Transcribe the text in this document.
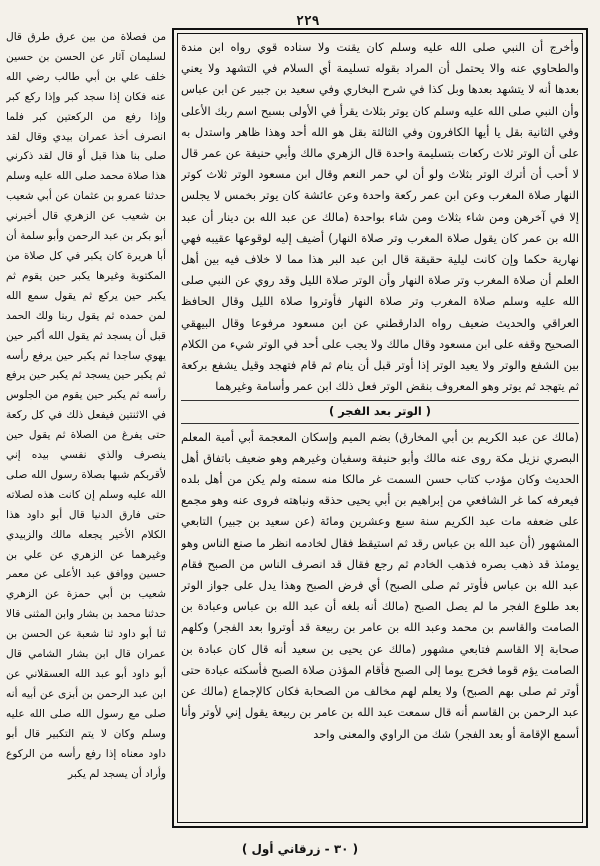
٢٢٩

وأخرج أن النبي صلى الله عليه وسلم كان يقنت ولا سناده قوي رواه ابن مندة والطحاوي عنه والا يحتمل أن المراد بقوله تسليمة أي السلام في التشهد ولا يعني بعدها أنه لا يتشهد بعدها وبل كذا في شرح البخاري وفي سعيد بن جبير عن ابن عباس وأن النبي صلى الله عليه وسلم كان يوتر بثلاث يقرأ في الأولى بسبح اسم ربك الأعلى وفي الثانية بقل يا أيها الكافرون وفي الثالثة بقل هو الله أحد وهذا ظاهر واستدل به على أن الوتر ثلاث ركعات بتسليمة واحدة قال الزهري مالك وأبي حنيفة عن عمر قال لا أحب أن أترك الوتر بثلاث ولو أن لي حمر النعم وقال ابن مسعود الوتر ثلاث كوتر النهار صلاة المغرب وعن ابن عمر ركعة واحدة وعن عائشة كان يوتر بخمس لا يجلس إلا في آخرهن ومن شاء بثلاث ومن شاء بواحدة (مالك عن عبد الله بن دينار أن عبد الله بن عمر كان يقول صلاة المغرب وتر صلاة النهار) أضيف إليه لوقوعها عقيبه فهي نهارية حكما وإن كانت ليلية حقيقة قال ابن عبد البر هذا مما لا خلاف فيه بين أهل العلم أن صلاة المغرب وتر صلاة النهار وأن الوتر صلاة الليل وقد روي عن النبي صلى الله عليه وسلم صلاة المغرب وتر صلاة النهار فأوتروا صلاة الليل وقال الحافظ العراقي والحديث ضعيف رواه الدارقطني عن ابن مسعود مرفوعا وقال البيهقي الصحيح وقفه على ابن مسعود وقال مالك ولا يجب على أحد في الوتر شيء من الكلام بين الشفع والوتر ولا يعيد الوتر إذا أوتر قبل أن ينام ثم قام فتهجد وقيل يشفع بركعة ثم يتهجد ثم يوتر وهو المعروف بنقض الوتر فعل ذلك ابن عمر وأسامة وغيرهما

( الوتر بعد الفجر )

(مالك عن عبد الكريم بن أبي المخارق) بضم الميم وإسكان المعجمة أبي أمية المعلم البصري نزيل مكة روى عنه مالك وأبو حنيفة وسفيان وغيرهم وهو ضعيف باتفاق أهل الحديث وكان مؤدب كتاب حسن السمت غر مالكا منه سمته ولم يكن من أهل بلده فيعرفه كما غر الشافعي من إبراهيم بن أبي يحيى حذقه ونباهته فروى عنه وهو مجمع على ضعفه مات عبد الكريم سنة سبع وعشرين ومائة (عن سعيد بن جبير) التابعي المشهور (أن عبد الله بن عباس رقد ثم استيقظ فقال لخادمه انظر ما صنع الناس وهو يومئذ قد ذهب بصره فذهب الخادم ثم رجع فقال قد انصرف الناس من الصبح فقام عبد الله بن عباس فأوتر ثم صلى الصبح) أي فرض الصبح وهذا يدل على جواز الوتر بعد طلوع الفجر ما لم يصل الصبح (مالك أنه بلغه أن عبد الله بن عباس وعبادة بن الصامت والقاسم بن محمد وعبد الله بن عامر بن ربيعة قد أوتروا بعد الفجر) وكلهم صحابة إلا القاسم فتابعي مشهور (مالك عن يحيى بن سعيد أنه قال كان عبادة بن الصامت يؤم قوما فخرج يوما إلى الصبح فأقام المؤذن صلاة الصبح فأسكته عبادة حتى أوتر ثم صلى بهم الصبح) ولا يعلم لهم مخالف من الصحابة فكان كالإجماع (مالك عن عبد الرحمن بن القاسم أنه قال سمعت عبد الله بن عامر بن ربيعة يقول إني لأوتر وأنا أسمع الإقامة أو بعد الفجر) شك من الراوي والمعنى واحد

من فصلاة من بين عرق طرق قال لسليمان آثار عن الحسن بن حسين خلف علي بن أبي طالب رضي الله عنه فكان إذا سجد كبر وإذا ركع كبر وإذا رفع من الركعتين كبر فلما انصرف أخذ عمران بيدي وقال لقد صلى بنا هذا قبل أو قال لقد ذكرني هذا صلاة محمد صلى الله عليه وسلم حدثنا عمرو بن عثمان عن أبي شعيب بن شعيب عن الزهري قال أخبرني أبو بكر بن عبد الرحمن وأبو سلمة أن أبا هريرة كان يكبر في كل صلاة من المكتوبة وغيرها يكبر حين يقوم ثم يكبر حين يركع ثم يقول سمع الله لمن حمده ثم يقول ربنا ولك الحمد قبل أن يسجد ثم يقول الله أكبر حين يهوي ساجدا ثم يكبر حين يرفع رأسه ثم يكبر حين يسجد ثم يكبر حين يرفع رأسه ثم يكبر حين يقوم من الجلوس في الاثنتين فيفعل ذلك في كل ركعة حتى يفرغ من الصلاة ثم يقول حين ينصرف والذي نفسي بيده إني لأقربكم شبها بصلاة رسول الله صلى الله عليه وسلم إن كانت هذه لصلاته حتى فارق الدنيا قال أبو داود هذا الكلام الأخير يجعله مالك والزبيدي وغيرهما عن الزهري عن علي بن حسين ووافق عبد الأعلى عن معمر شعيب بن أبي حمزة عن الزهري حدثنا محمد بن بشار وابن المثنى قالا ثنا أبو داود ثنا شعبة عن الحسن بن عمران قال ابن بشار الشامي قال أبو داود أبو عبد الله العسقلاني عن ابن عبد الرحمن بن أبزى عن أبيه أنه صلى مع رسول الله صلى الله عليه وسلم وكان لا يتم التكبير قال أبو داود معناه إذا رفع رأسه من الركوع وأراد أن يسجد لم يكبر

( ٣٠ - زرقاني أول )
